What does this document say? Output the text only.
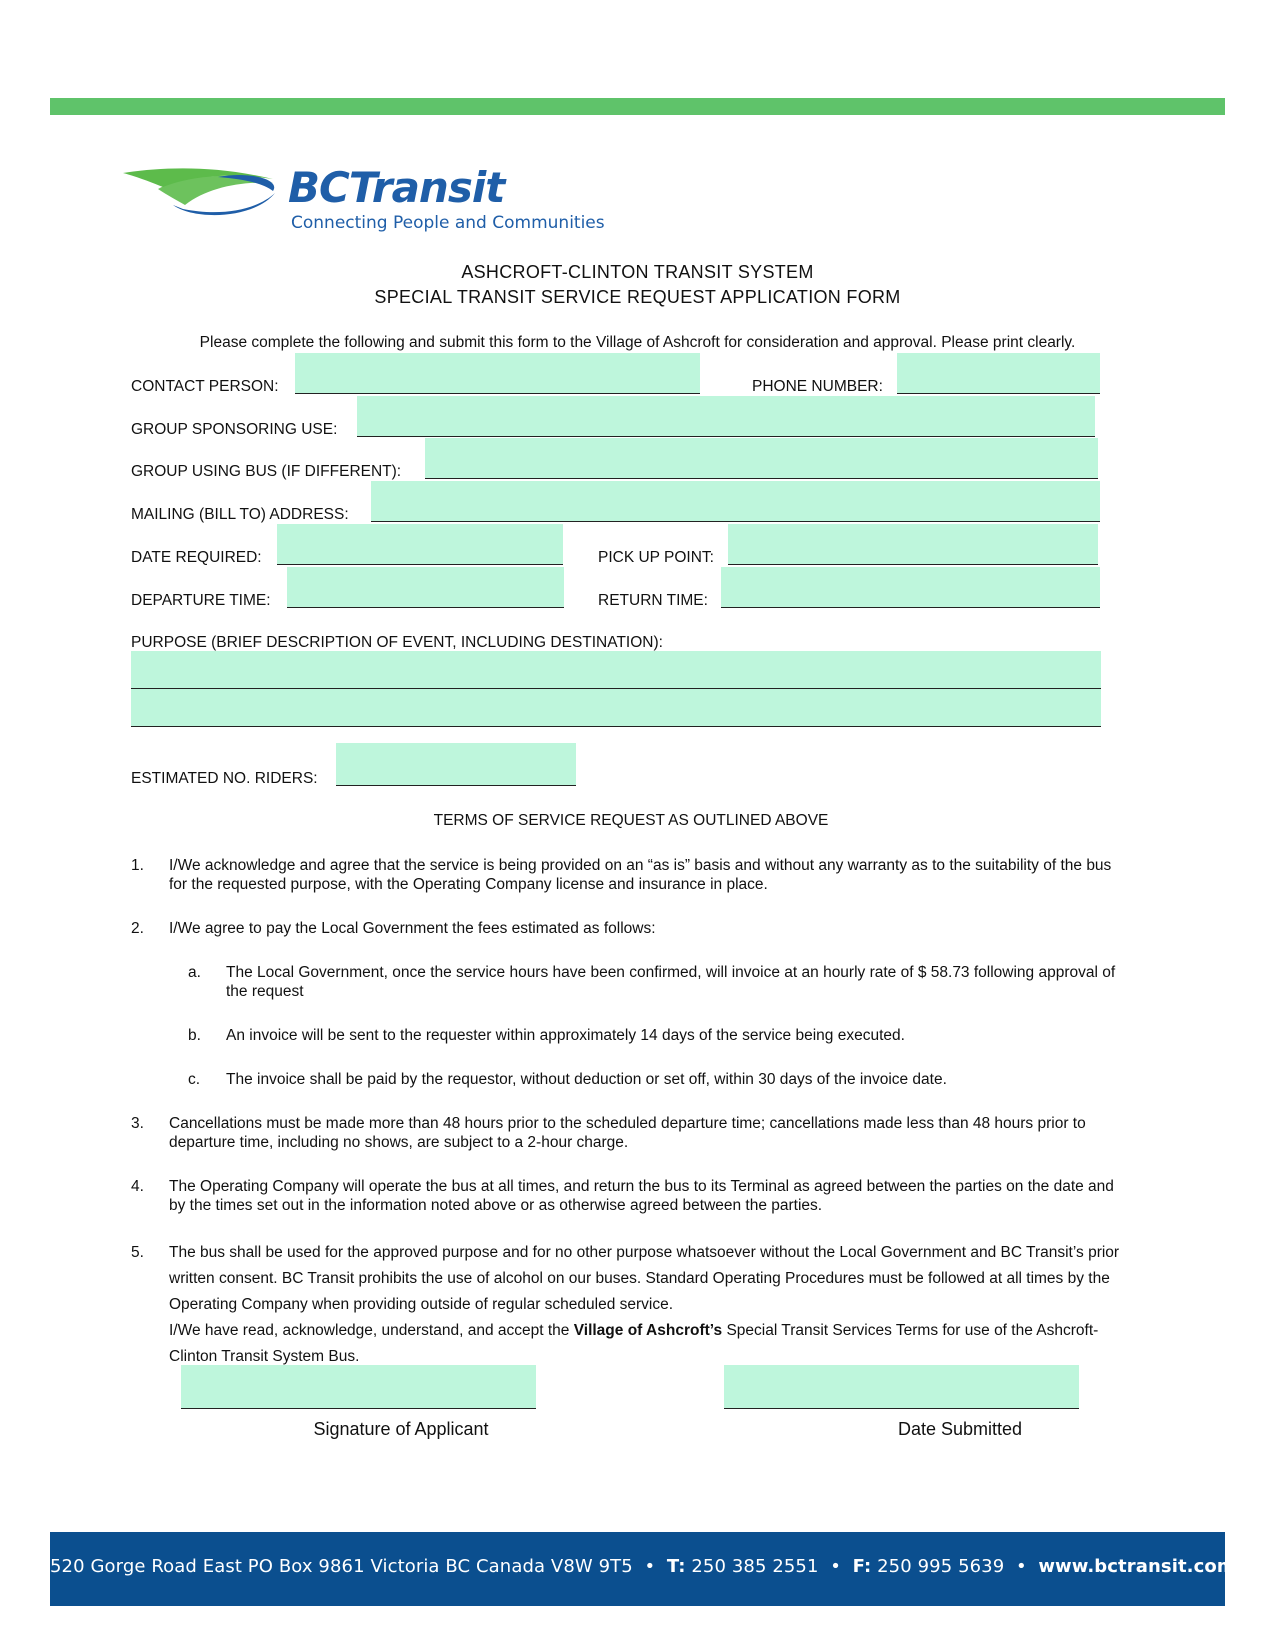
BCTransit
Connecting People and Communities
ASHCROFT-CLINTON TRANSIT SYSTEM
SPECIAL TRANSIT SERVICE REQUEST APPLICATION FORM
Please complete the following and submit this form to the Village of Ashcroft for consideration and approval. Please print clearly.
CONTACT PERSON:	PHONE NUMBER:
GROUP SPONSORING USE:
GROUP USING BUS (IF DIFFERENT):
MAILING (BILL TO) ADDRESS:
DATE REQUIRED:	PICK UP POINT:
DEPARTURE TIME:	RETURN TIME:
PURPOSE (BRIEF DESCRIPTION OF EVENT, INCLUDING DESTINATION):
ESTIMATED NO. RIDERS:
TERMS OF SERVICE REQUEST AS OUTLINED ABOVE
1. I/We acknowledge and agree that the service is being provided on an “as is” basis and without any warranty as to the suitability of the bus for the requested purpose, with the Operating Company license and insurance in place.
2. I/We agree to pay the Local Government the fees estimated as follows:
a. The Local Government, once the service hours have been confirmed, will invoice at an hourly rate of $ 58.73 following approval of the request
b. An invoice will be sent to the requester within approximately 14 days of the service being executed.
c. The invoice shall be paid by the requestor, without deduction or set off, within 30 days of the invoice date.
3. Cancellations must be made more than 48 hours prior to the scheduled departure time; cancellations made less than 48 hours prior to departure time, including no shows, are subject to a 2-hour charge.
4. The Operating Company will operate the bus at all times, and return the bus to its Terminal as agreed between the parties on the date and by the times set out in the information noted above or as otherwise agreed between the parties.
5. The bus shall be used for the approved purpose and for no other purpose whatsoever without the Local Government and BC Transit’s prior written consent. BC Transit prohibits the use of alcohol on our buses. Standard Operating Procedures must be followed at all times by the Operating Company when providing outside of regular scheduled service.
I/We have read, acknowledge, understand, and accept the Village of Ashcroft’s Special Transit Services Terms for use of the Ashcroft-Clinton Transit System Bus.
Signature of Applicant	Date Submitted
520 Gorge Road East PO Box 9861 Victoria BC Canada V8W 9T5 • T: 250 385 2551 • F: 250 995 5639 • www.bctransit.com
